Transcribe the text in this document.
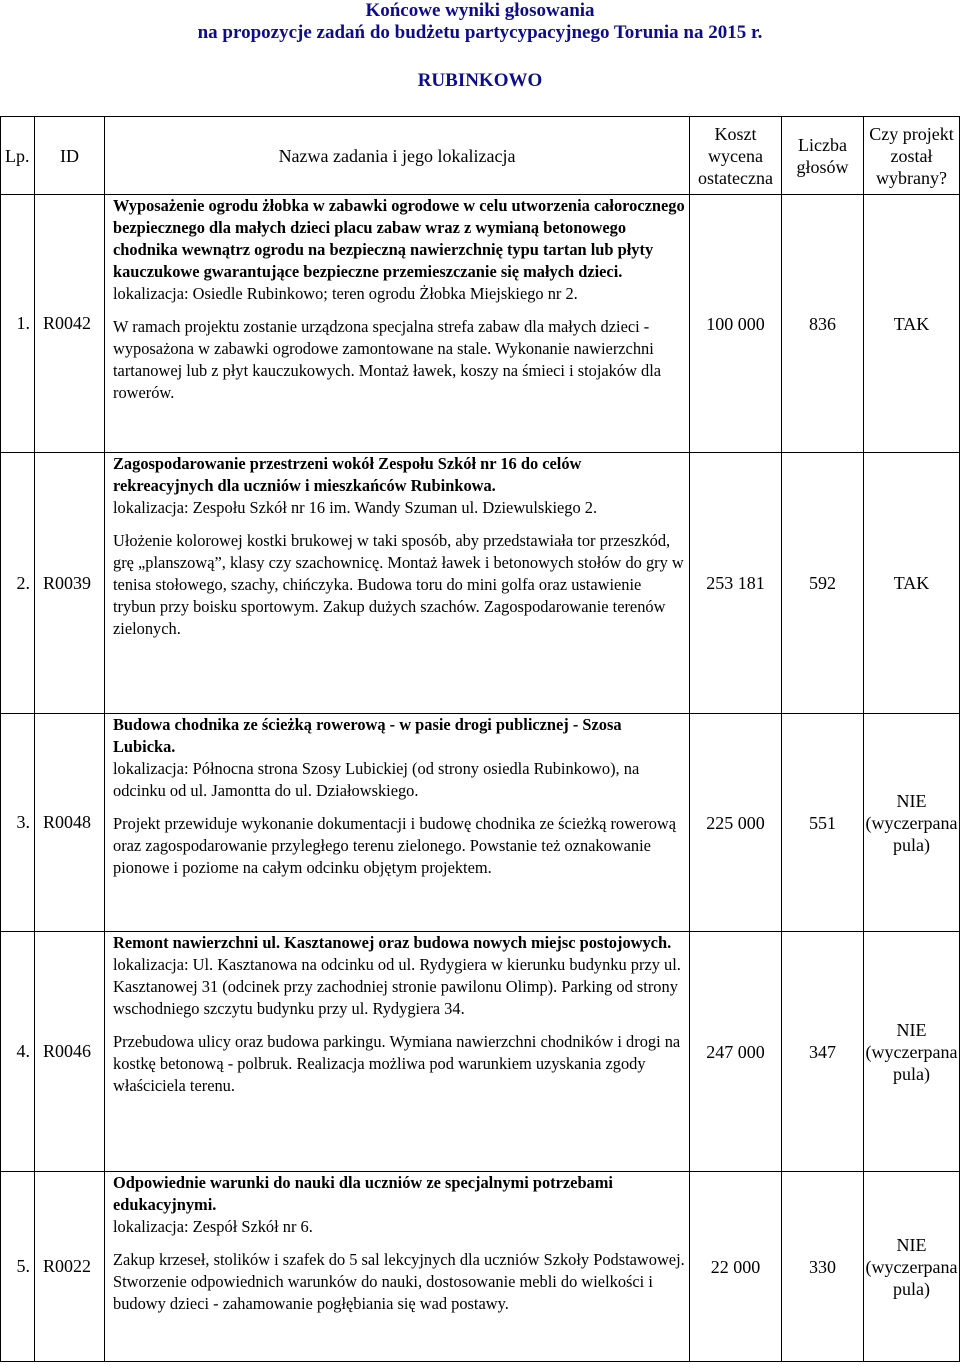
Końcowe wyniki głosowania
na propozycje zadań do budżetu partycypacyjnego Torunia na 2015 r.
RUBINKOWO
Lp.	ID	Nazwa zadania i jego lokalizacja	Koszt wycena ostateczna	Liczba głosów	Czy projekt został wybrany?
1.	R0042	Wyposażenie ogrodu żłobka w zabawki ogrodowe w celu utworzenia całorocznego bezpiecznego dla małych dzieci placu zabaw wraz z wymianą betonowego chodnika wewnątrz ogrodu na bezpieczną nawierzchnię typu tartan lub płyty kauczukowe gwarantujące bezpieczne przemieszczanie się małych dzieci.
lokalizacja: Osiedle Rubinkowo; teren ogrodu Żłobka Miejskiego nr 2.
W ramach projektu zostanie urządzona specjalna strefa zabaw dla małych dzieci - wyposażona w zabawki ogrodowe zamontowane na stale. Wykonanie nawierzchni tartanowej lub z płyt kauczukowych. Montaż ławek, koszy na śmieci i stojaków dla rowerów.	100 000	836	TAK
2.	R0039	Zagospodarowanie przestrzeni wokół Zespołu Szkół nr 16 do celów rekreacyjnych dla uczniów i mieszkańców Rubinkowa.
lokalizacja: Zespołu Szkół nr 16 im. Wandy Szuman ul. Dziewulskiego 2.
Ułożenie kolorowej kostki brukowej w taki sposób, aby przedstawiała tor przeszkód, grę „planszową”, klasy czy szachownicę. Montaż ławek i betonowych stołów do gry w tenisa stołowego, szachy, chińczyka. Budowa toru do mini golfa oraz ustawienie trybun przy boisku sportowym. Zakup dużych szachów. Zagospodarowanie terenów zielonych.	253 181	592	TAK
3.	R0048	Budowa chodnika ze ścieżką rowerową - w pasie drogi publicznej - Szosa Lubicka.
lokalizacja: Północna strona Szosy Lubickiej (od strony osiedla Rubinkowo), na odcinku od ul. Jamontta do ul. Działowskiego.
Projekt przewiduje wykonanie dokumentacji i budowę chodnika ze ścieżką rowerową oraz zagospodarowanie przyległego terenu zielonego. Powstanie też oznakowanie pionowe i poziome na całym odcinku objętym projektem.	225 000	551	NIE (wyczerpana pula)
4.	R0046	Remont nawierzchni ul. Kasztanowej oraz budowa nowych miejsc postojowych.
lokalizacja: Ul. Kasztanowa na odcinku od ul. Rydygiera w kierunku budynku przy ul. Kasztanowej 31 (odcinek przy zachodniej stronie pawilonu Olimp). Parking od strony wschodniego szczytu budynku przy ul. Rydygiera 34.
Przebudowa ulicy oraz budowa parkingu. Wymiana nawierzchni chodników i drogi na kostkę betonową - polbruk. Realizacja możliwa pod warunkiem uzyskania zgody właściciela terenu.	247 000	347	NIE (wyczerpana pula)
5.	R0022	Odpowiednie warunki do nauki dla uczniów ze specjalnymi potrzebami edukacyjnymi.
lokalizacja: Zespół Szkół nr 6.
Zakup krzeseł, stolików i szafek do 5 sal lekcyjnych dla uczniów Szkoły Podstawowej. Stworzenie odpowiednich warunków do nauki, dostosowanie mebli do wielkości i budowy dzieci - zahamowanie pogłębiania się wad postawy.	22 000	330	NIE (wyczerpana pula)
